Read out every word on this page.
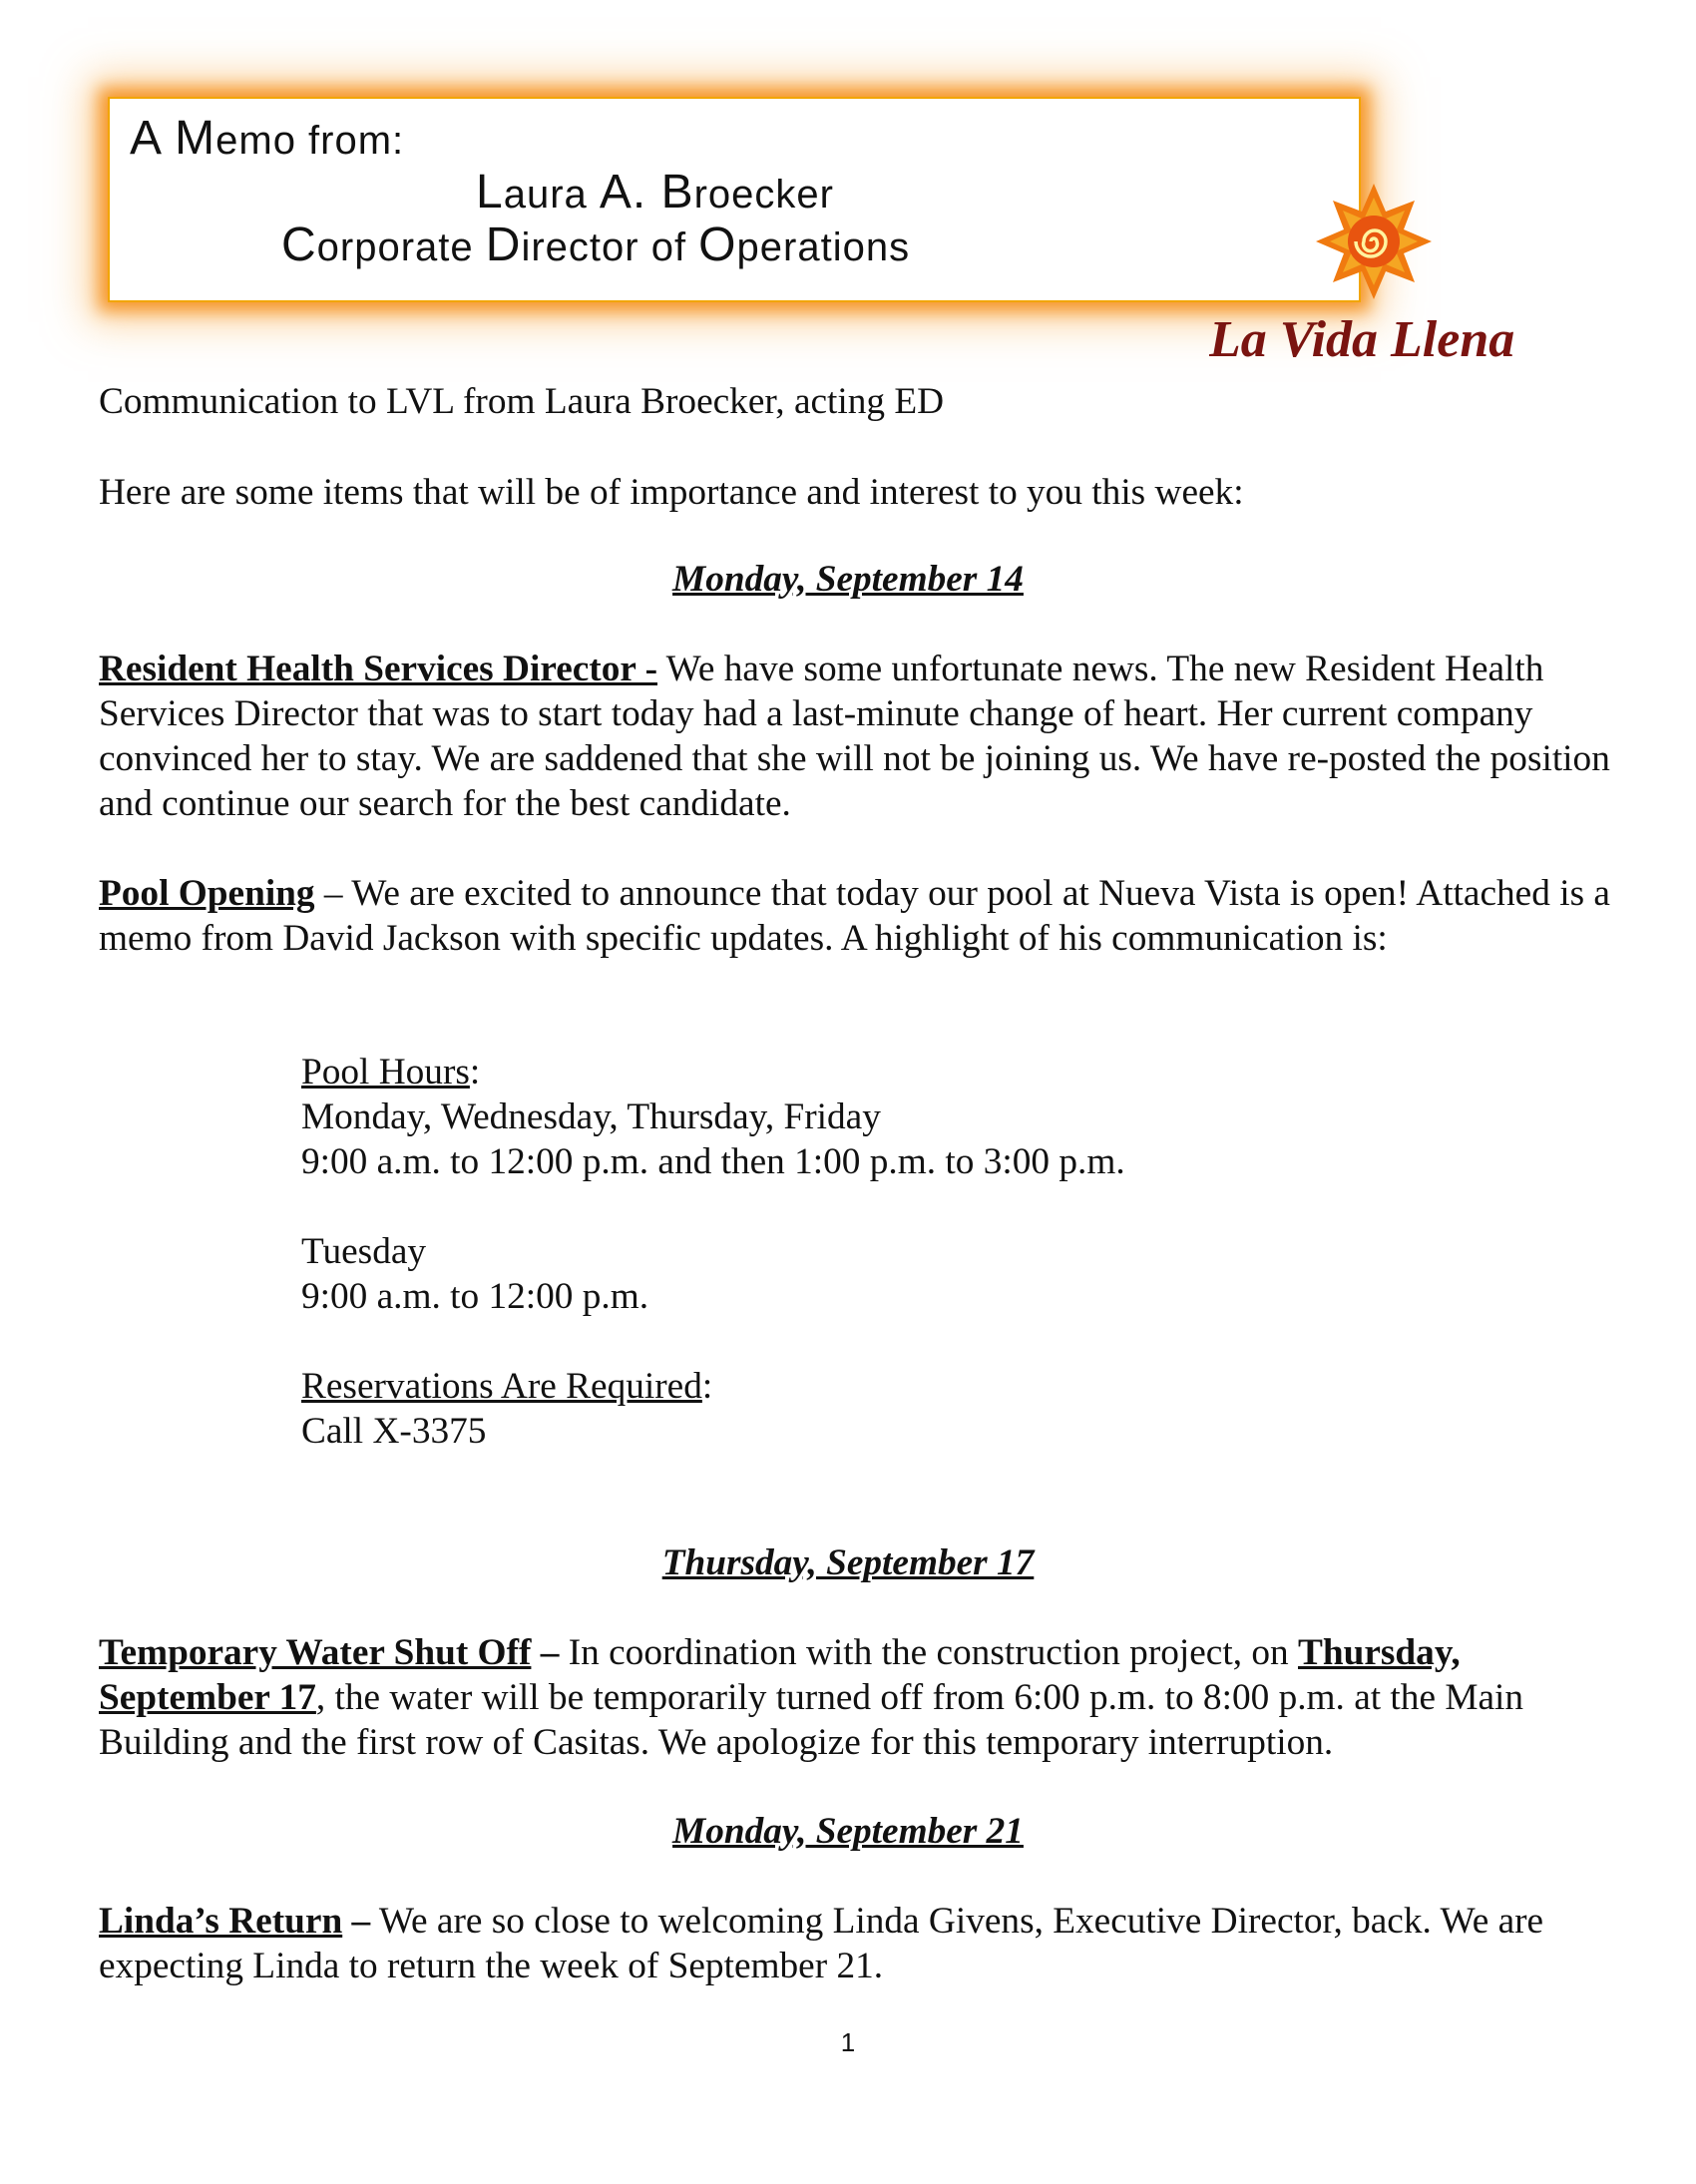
A Memo from:
Laura A. Broecker
Corporate Director of Operations
La Vida Llena
Communication to LVL from Laura Broecker, acting ED
Here are some items that will be of importance and interest to you this week:
Monday, September 14

Resident Health Services Director - We have some unfortunate news. The new Resident Health Services Director that was to start today had a last-minute change of heart. Her current company convinced her to stay. We are saddened that she will not be joining us. We have re-posted the position and continue our search for the best candidate.

Pool Opening – We are excited to announce that today our pool at Nueva Vista is open! Attached is a memo from David Jackson with specific updates. A highlight of his communication is:

Pool Hours:
Monday, Wednesday, Thursday, Friday
9:00 a.m. to 12:00 p.m. and then 1:00 p.m. to 3:00 p.m.
Tuesday
9:00 a.m. to 12:00 p.m.
Reservations Are Required:
Call X-3375
Thursday, September 17

Temporary Water Shut Off – In coordination with the construction project, on Thursday, September 17, the water will be temporarily turned off from 6:00 p.m. to 8:00 p.m. at the Main Building and the first row of Casitas. We apologize for this temporary interruption.

Monday, September 21

Linda’s Return – We are so close to welcoming Linda Givens, Executive Director, back. We are expecting Linda to return the week of September 21.

1
